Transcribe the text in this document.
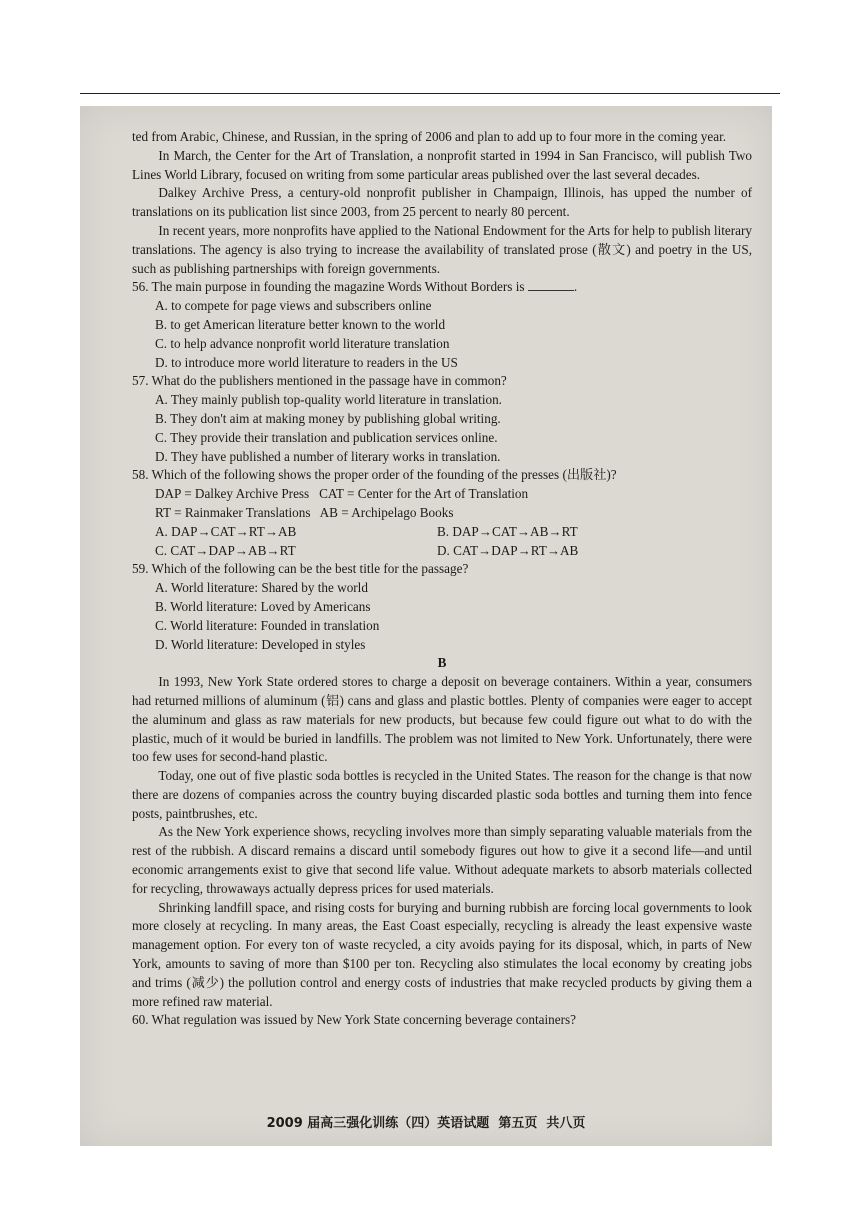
ted from Arabic, Chinese, and Russian, in the spring of 2006 and plan to add up to four more in the coming year.

In March, the Center for the Art of Translation, a nonprofit started in 1994 in San Francisco, will publish Two Lines World Library, focused on writing from some particular areas published over the last several decades.

Dalkey Archive Press, a century-old nonprofit publisher in Champaign, Illinois, has upped the number of translations on its publication list since 2003, from 25 percent to nearly 80 percent.

In recent years, more nonprofits have applied to the National Endowment for the Arts for help to publish literary translations. The agency is also trying to increase the availability of translated prose (散文) and poetry in the US, such as publishing partnerships with foreign governments.

56. The main purpose in founding the magazine Words Without Borders is	.

A. to compete for page views and subscribers online

B. to get American literature better known to the world

C. to help advance nonprofit world literature translation

D. to introduce more world literature to readers in the US

57. What do the publishers mentioned in the passage have in common?

A. They mainly publish top-quality world literature in translation.

B. They don't aim at making money by publishing global writing.

C. They provide their translation and publication services online.

D. They have published a number of literary works in translation.

58. Which of the following shows the proper order of the founding of the presses (出版社)?

DAP = Dalkey Archive Press   CAT = Center for the Art of Translation

RT = Rainmaker Translations   AB = Archipelago Books

A. DAP→CAT→RT→AB	B. DAP→CAT→AB→RT
C. CAT→DAP→AB→RT	D. CAT→DAP→RT→AB

59. Which of the following can be the best title for the passage?

A. World literature: Shared by the world

B. World literature: Loved by Americans

C. World literature: Founded in translation

D. World literature: Developed in styles

B

In 1993, New York State ordered stores to charge a deposit on beverage containers. Within a year, consumers had returned millions of aluminum (铝) cans and glass and plastic bottles. Plenty of companies were eager to accept the aluminum and glass as raw materials for new products, but because few could figure out what to do with the plastic, much of it would be buried in landfills. The problem was not limited to New York. Unfortunately, there were too few uses for second-hand plastic.

Today, one out of five plastic soda bottles is recycled in the United States. The reason for the change is that now there are dozens of companies across the country buying discarded plastic soda bottles and turning them into fence posts, paintbrushes, etc.

As the New York experience shows, recycling involves more than simply separating valuable materials from the rest of the rubbish. A discard remains a discard until somebody figures out how to give it a second life—and until economic arrangements exist to give that second life value. Without adequate markets to absorb materials collected for recycling, throwaways actually depress prices for used materials.

Shrinking landfill space, and rising costs for burying and burning rubbish are forcing local governments to look more closely at recycling. In many areas, the East Coast especially, recycling is already the least expensive waste management option. For every ton of waste recycled, a city avoids paying for its disposal, which, in parts of New York, amounts to saving of more than $100 per ton. Recycling also stimulates the local economy by creating jobs and trims (减少) the pollution control and energy costs of industries that make recycled products by giving them a more refined raw material.

60. What regulation was issued by New York State concerning beverage containers?

2009 届高三强化训练（四）英语试题  第五页  共八页
